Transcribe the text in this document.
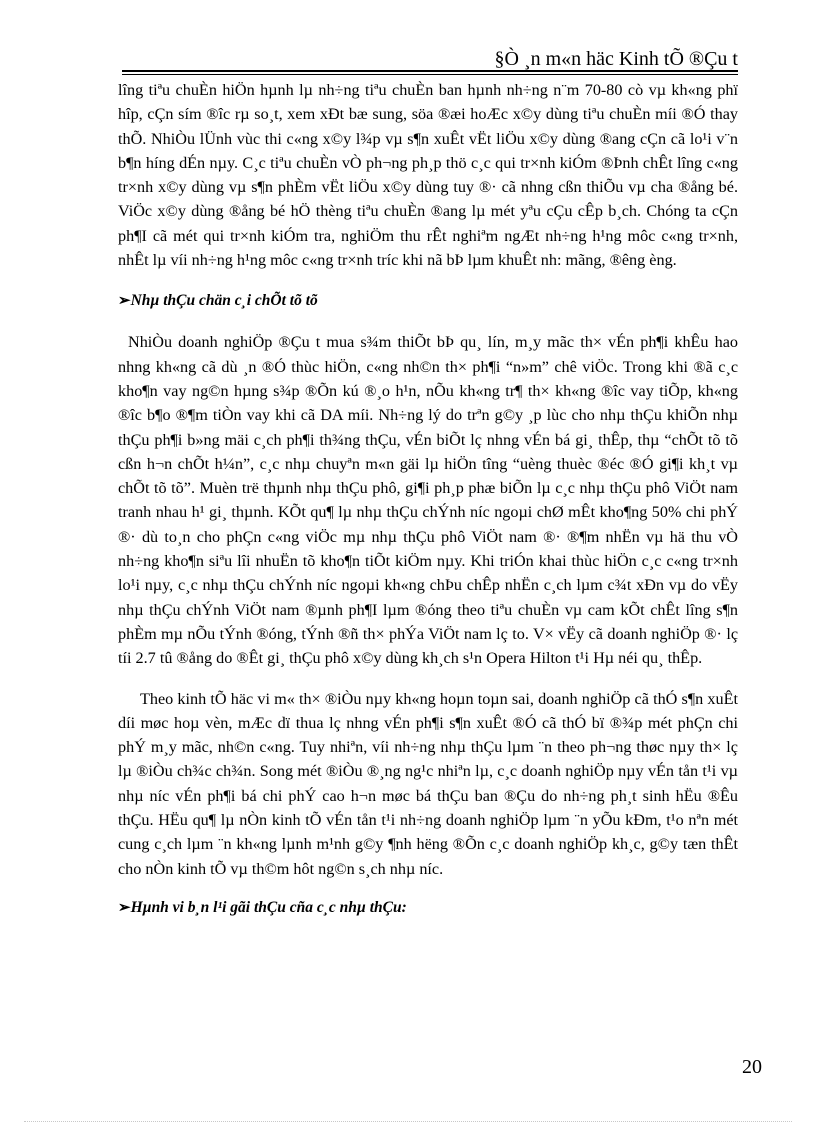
§Ò ¸n m«n häc Kinh tÕ ®Çu t

lîng tiªu chuÈn hiÖn hµnh lµ nh÷ng tiªu chuÈn ban hµnh nh÷ng n¨m 70-80 cò vµ kh«ng phï hîp, cÇn sím ®îc rµ so¸t, xem xÐt bæ sung, söa ®æi hoÆc x©y dùng tiªu chuÈn míi ®Ó thay thÕ. NhiÒu lÜnh vùc thi c«ng x©y l¾p vµ s¶n xuÊt vËt liÖu x©y dùng ®ang cÇn cã lo¹i v¨n b¶n híng dÉn nµy. C¸c tiªu chuÈn vÒ ph¬ng ph¸p thö c¸c qui tr×nh kiÓm ®Þnh chÊt lîng c«ng tr×nh x©y dùng vµ s¶n phÈm vËt liÖu x©y dùng tuy ®· cã nhng cßn thiÕu vµ cha ®ång bé. ViÖc x©y dùng ®ång bé hÖ thèng tiªu chuÈn ®ang lµ mét yªu cÇu cÊp b¸ch. Chóng ta cÇn ph¶I cã mét qui tr×nh kiÓm tra, nghiÖm thu rÊt nghiªm ngÆt nh÷ng h¹ng môc c«ng tr×nh, nhÊt lµ víi nh÷ng h¹ng môc c«ng tr×nh tríc khi nã bÞ lµm khuÊt nh: mãng, ®êng èng.

➢Nhµ thÇu chän c¸i chÕt tõ tõ

NhiÒu doanh nghiÖp ®Çu t mua s¾m thiÕt bÞ qu¸ lín, m¸y mãc th× vÉn ph¶i khÊu hao nhng kh«ng cã dù ¸n ®Ó thùc hiÖn, c«ng nh©n th× ph¶i “n»m” chê viÖc. Trong khi ®ã c¸c kho¶n vay ng©n hµng s¾p ®Õn kú ®¸o h¹n, nÕu kh«ng tr¶ th× kh«ng ®îc vay tiÕp, kh«ng ®îc b¶o ®¶m tiÒn vay khi cã DA míi. Nh÷ng lý do trªn g©y ¸p lùc cho nhµ thÇu khiÕn nhµ thÇu ph¶i b»ng mäi c¸ch ph¶i th¾ng thÇu, vÉn biÕt lç nhng vÉn bá gi¸ thÊp, thµ “chÕt tõ tõ cßn h¬n chÕt h¼n”, c¸c nhµ chuyªn m«n gäi lµ hiÖn tîng “uèng thuèc ®éc ®Ó gi¶i kh¸t vµ chÕt tõ tõ”. Muèn trë thµnh nhµ thÇu phô, gi¶i ph¸p phæ biÕn lµ c¸c nhµ thÇu phô ViÖt nam tranh nhau h¹ gi¸ thµnh. KÕt qu¶ lµ nhµ thÇu chÝnh níc ngoµi chØ mÊt kho¶ng 50% chi phÝ ®· dù to¸n cho phÇn c«ng viÖc mµ nhµ thÇu phô ViÖt nam ®· ®¶m nhËn vµ hä thu vÒ nh÷ng kho¶n siªu lîi nhuËn tõ kho¶n tiÕt kiÖm nµy. Khi triÓn khai thùc hiÖn c¸c c«ng tr×nh lo¹i nµy, c¸c nhµ thÇu chÝnh níc ngoµi kh«ng chÞu chÊp nhËn c¸ch lµm c¾t xÐn vµ do vËy nhµ thÇu chÝnh ViÖt nam ®µnh ph¶I lµm ®óng theo tiªu chuÈn vµ cam kÕt chÊt lîng s¶n phÈm mµ nÕu tÝnh ®óng, tÝnh ®ñ th× phÝa ViÖt nam lç to. V× vËy cã doanh nghiÖp ®· lç tíi 2.7 tû ®ång do ®Êt gi¸ thÇu phô x©y dùng kh¸ch s¹n Opera Hilton t¹i Hµ néi qu¸ thÊp.

Theo kinh tÕ häc vi m« th× ®iÒu nµy kh«ng hoµn toµn sai, doanh nghiÖp cã thÓ s¶n xuÊt díi møc hoµ vèn, mÆc dï thua lç nhng vÉn ph¶i s¶n xuÊt ®Ó cã thÓ bï ®¾p mét phÇn chi phÝ m¸y mãc, nh©n c«ng. Tuy nhiªn, víi nh÷ng nhµ thÇu lµm ¨n theo ph¬ng thøc nµy th× lç lµ ®iÒu ch¾c ch¾n. Song mét ®iÒu ®¸ng ng¹c nhiªn lµ, c¸c doanh nghiÖp nµy vÉn tån t¹i vµ nhµ níc vÉn ph¶i bá chi phÝ cao h¬n møc bá thÇu ban ®Çu do nh÷ng ph¸t sinh hËu ®Êu thÇu. HËu qu¶ lµ nÒn kinh tÕ vÉn tån t¹i nh÷ng doanh nghiÖp lµm ¨n yÕu kÐm, t¹o nªn mét cung c¸ch lµm ¨n kh«ng lµnh m¹nh g©y ¶nh hëng ®Õn c¸c doanh nghiÖp kh¸c, g©y tæn thÊt cho nÒn kinh tÕ vµ th©m hôt ng©n s¸ch nhµ níc.

➢Hµnh vi b¸n l¹i gãi thÇu cña c¸c nhµ thÇu:
20
